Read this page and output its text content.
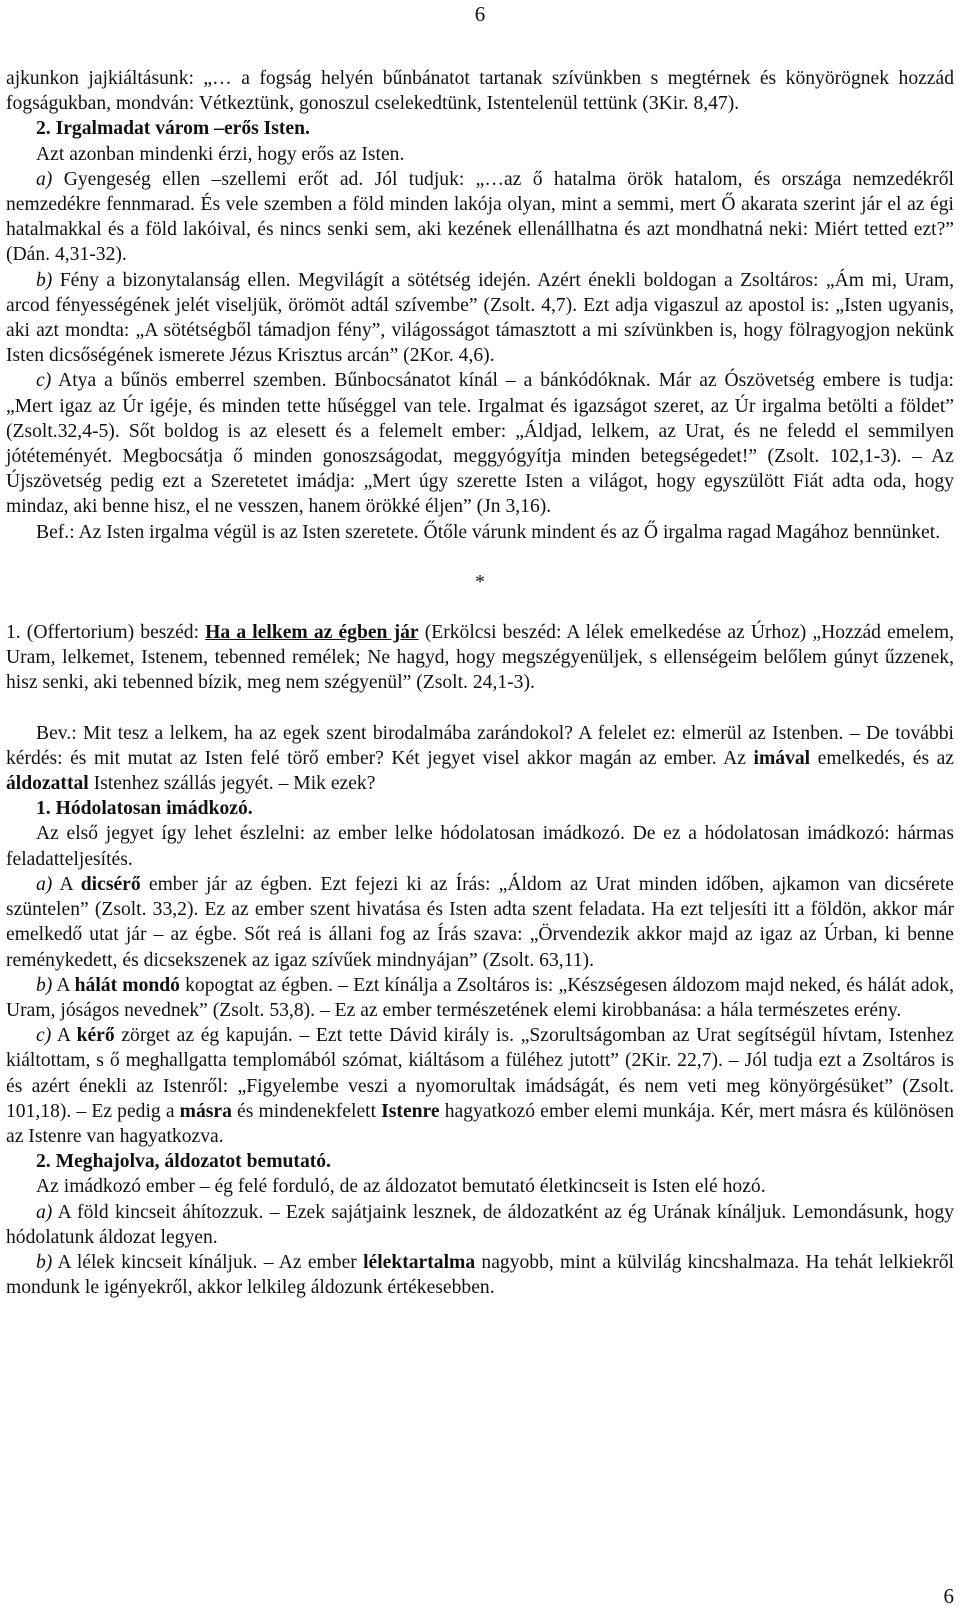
6

ajkunkon jajkiáltásunk: „… a fogság helyén bűnbánatot tartanak szívünkben s megtérnek és könyörögnek hozzád fogságukban, mondván: Vétkeztünk, gonoszul cselekedtünk, Istentelenül tettünk (3Kir. 8,47).

2. Irgalmadat várom –erős Isten.

Azt azonban mindenki érzi, hogy erős az Isten.

a) Gyengeség ellen –szellemi erőt ad. Jól tudjuk: „…az ő hatalma örök hatalom, és országa nemzedékről nemzedékre fennmarad. És vele szemben a föld minden lakója olyan, mint a semmi, mert Ő akarata szerint jár el az égi hatalmakkal és a föld lakóival, és nincs senki sem, aki kezének ellenállhatna és azt mondhatná neki: Miért tetted ezt?” (Dán. 4,31-32).

b) Fény a bizonytalanság ellen. Megvilágít a sötétség idején. Azért énekli boldogan a Zsoltáros: „Ám mi, Uram, arcod fényességének jelét viseljük, örömöt adtál szívembe” (Zsolt. 4,7). Ezt adja vigaszul az apostol is: „Isten ugyanis, aki azt mondta: „A sötétségből támadjon fény”, világosságot támasztott a mi szívünkben is, hogy fölragyogjon nekünk Isten dicsőségének ismerete Jézus Krisztus arcán” (2Kor. 4,6).

c) Atya a bűnös emberrel szemben. Bűnbocsánatot kínál – a bánkódóknak. Már az Ószövetség embere is tudja: „Mert igaz az Úr igéje, és minden tette hűséggel van tele. Irgalmat és igazságot szeret, az Úr irgalma betölti a földet” (Zsolt.32,4-5). Sőt boldog is az elesett és a felemelt ember: „Áldjad, lelkem, az Urat, és ne feledd el semmilyen jótéteményét. Megbocsátja ő minden gonoszságodat, meggyógyítja minden betegségedet!” (Zsolt. 102,1-3). – Az Újszövetség pedig ezt a Szeretetet imádja: „Mert úgy szerette Isten a világot, hogy egyszülött Fiát adta oda, hogy mindaz, aki benne hisz, el ne vesszen, hanem örökké éljen” (Jn 3,16).

Bef.: Az Isten irgalma végül is az Isten szeretete. Őtőle várunk mindent és az Ő irgalma ragad Magához bennünket.

*

1. (Offertorium) beszéd: Ha a lelkem az égben jár (Erkölcsi beszéd: A lélek emelkedése az Úrhoz) „Hozzád emelem, Uram, lelkemet, Istenem, tebenned remélek; Ne hagyd, hogy megszégyenüljek, s ellenségeim belőlem gúnyt űzzenek, hisz senki, aki tebenned bízik, meg nem szégyenül” (Zsolt. 24,1-3).

Bev.: Mit tesz a lelkem, ha az egek szent birodalmába zarándokol? A felelet ez: elmerül az Istenben. – De további kérdés: és mit mutat az Isten felé törő ember? Két jegyet visel akkor magán az ember. Az imával emelkedés, és az áldozattal Istenhez szállás jegyét. – Mik ezek?

1. Hódolatosan imádkozó.

Az első jegyet így lehet észlelni: az ember lelke hódolatosan imádkozó. De ez a hódolatosan imádkozó: hármas feladatteljesítés.

a) A dicsérő ember jár az égben. Ezt fejezi ki az Írás: „Áldom az Urat minden időben, ajkamon van dicsérete szüntelen” (Zsolt. 33,2). Ez az ember szent hivatása és Isten adta szent feladata. Ha ezt teljesíti itt a földön, akkor már emelkedő utat jár – az égbe. Sőt reá is állani fog az Írás szava: „Örvendezik akkor majd az igaz az Úrban, ki benne reménykedett, és dicsekszenek az igaz szívűek mindnyájan” (Zsolt. 63,11).

b) A hálát mondó kopogtat az égben. – Ezt kínálja a Zsoltáros is: „Készségesen áldozom majd neked, és hálát adok, Uram, jóságos nevednek” (Zsolt. 53,8). – Ez az ember természetének elemi kirobbanása: a hála természetes erény.

c) A kérő zörget az ég kapuján. – Ezt tette Dávid király is. „Szorultságomban az Urat segítségül hívtam, Istenhez kiáltottam, s ő meghallgatta templomából szómat, kiáltásom a füléhez jutott” (2Kir. 22,7). – Jól tudja ezt a Zsoltáros is és azért énekli az Istenről: „Figyelembe veszi a nyomorultak imádságát, és nem veti meg könyörgésüket” (Zsolt. 101,18). – Ez pedig a másra és mindenekfelett Istenre hagyatkozó ember elemi munkája. Kér, mert másra és különösen az Istenre van hagyatkozva.

2. Meghajolva, áldozatot bemutató.

Az imádkozó ember – ég felé forduló, de az áldozatot bemutató életkincseit is Isten elé hozó.

a) A föld kincseit áhítozzuk. – Ezek sajátjaink lesznek, de áldozatként az ég Urának kínáljuk. Lemondásunk, hogy hódolatunk áldozat legyen.

b) A lélek kincseit kínáljuk. – Az ember lélektartalma nagyobb, mint a külvilág kincshalmaza. Ha tehát lelkiekről mondunk le igényekről, akkor lelkileg áldozunk értékesebben.

6
